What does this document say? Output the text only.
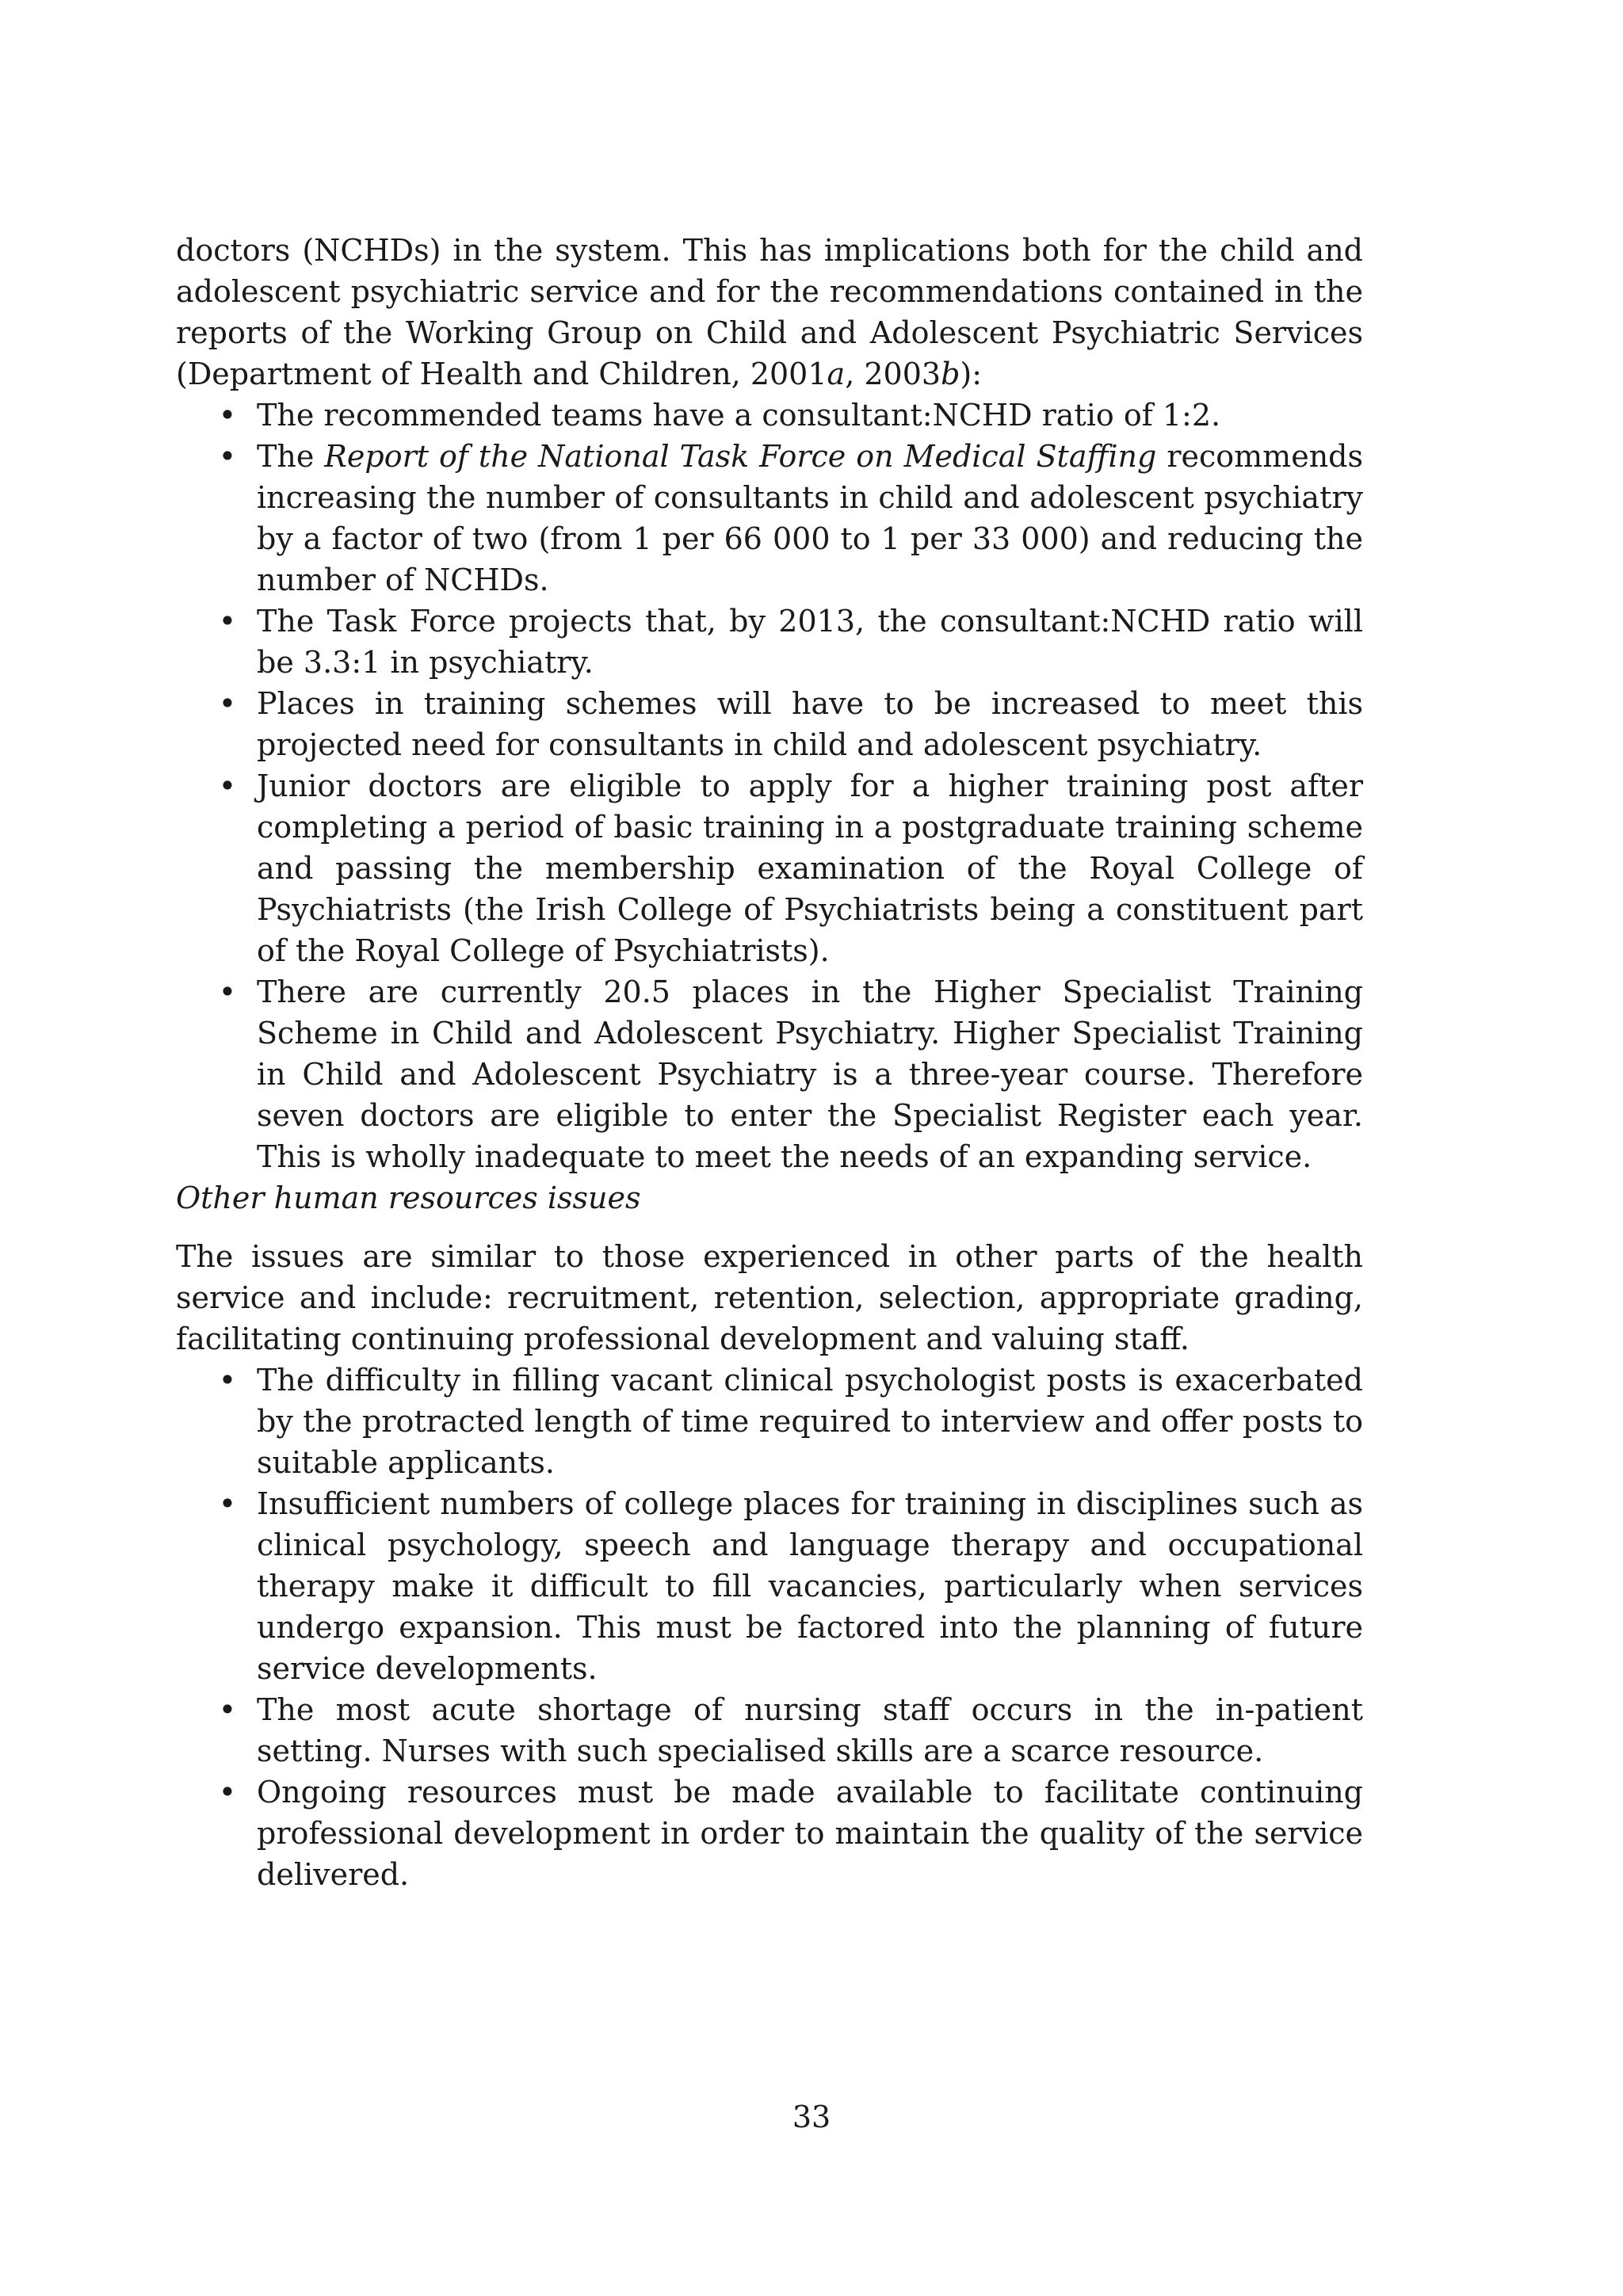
doctors (NCHDs) in the system. This has implications both for the child and adolescent psychiatric service and for the recommendations contained in the reports of the Working Group on Child and Adolescent Psychiatric Services (Department of Health and Children, 2001a, 2003b):

• The recommended teams have a consultant:NCHD ratio of 1:2.
• The Report of the National Task Force on Medical Staffing recommends increasing the number of consultants in child and adolescent psychiatry by a factor of two (from 1 per 66 000 to 1 per 33 000) and reducing the number of NCHDs.
• The Task Force projects that, by 2013, the consultant:NCHD ratio will be 3.3:1 in psychiatry.
• Places in training schemes will have to be increased to meet this projected need for consultants in child and adolescent psychiatry.
• Junior doctors are eligible to apply for a higher training post after completing a period of basic training in a postgraduate training scheme and passing the membership examination of the Royal College of Psychiatrists (the Irish College of Psychiatrists being a constituent part of the Royal College of Psychiatrists).
• There are currently 20.5 places in the Higher Specialist Training Scheme in Child and Adolescent Psychiatry. Higher Specialist Training in Child and Adolescent Psychiatry is a three-year course. Therefore seven doctors are eligible to enter the Specialist Register each year. This is wholly inadequate to meet the needs of an expanding service.
Other human resources issues

The issues are similar to those experienced in other parts of the health service and include: recruitment, retention, selection, appropriate grading, facilitating continuing professional development and valuing staff.

• The difficulty in filling vacant clinical psychologist posts is exacerbated by the protracted length of time required to interview and offer posts to suitable applicants.
• Insufficient numbers of college places for training in disciplines such as clinical psychology, speech and language therapy and occupational therapy make it difficult to fill vacancies, particularly when services undergo expansion. This must be factored into the planning of future service developments.
• The most acute shortage of nursing staff occurs in the in-patient setting. Nurses with such specialised skills are a scarce resource.
• Ongoing resources must be made available to facilitate continuing professional development in order to maintain the quality of the service delivered.
33
